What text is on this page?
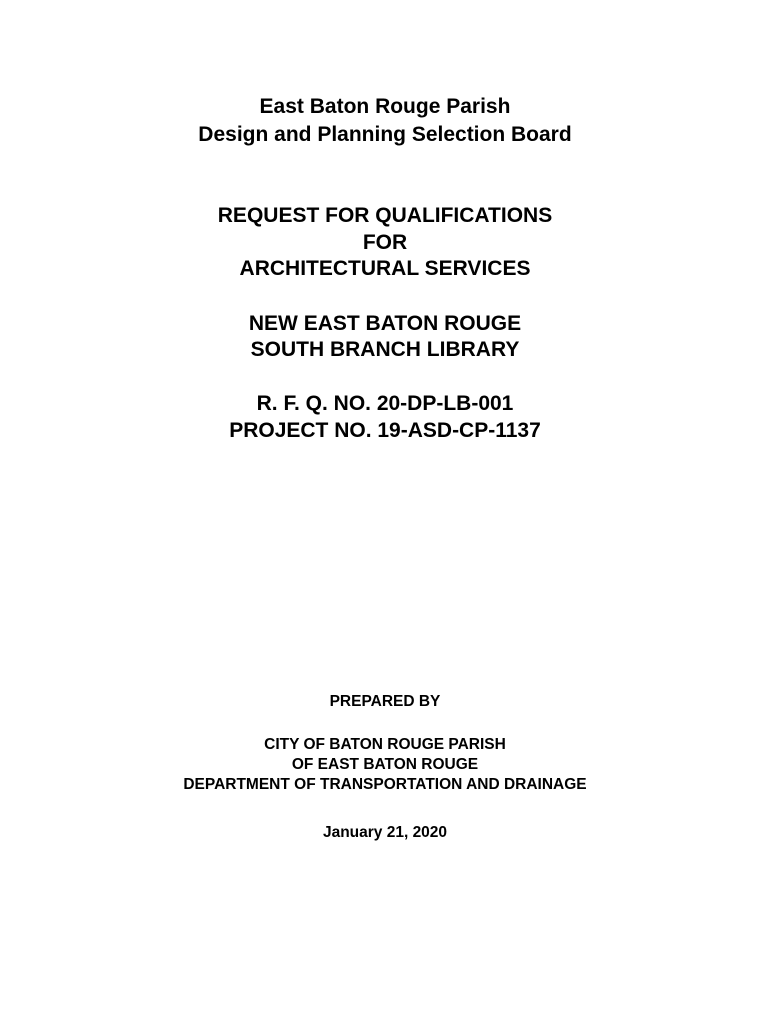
East Baton Rouge Parish
Design and Planning Selection Board
REQUEST FOR QUALIFICATIONS
FOR
ARCHITECTURAL SERVICES
NEW EAST BATON ROUGE
SOUTH BRANCH LIBRARY
R. F. Q. NO. 20-DP-LB-001
PROJECT NO. 19-ASD-CP-1137
PREPARED BY
CITY OF BATON ROUGE PARISH
OF EAST BATON ROUGE
DEPARTMENT OF TRANSPORTATION AND DRAINAGE
January 21, 2020
